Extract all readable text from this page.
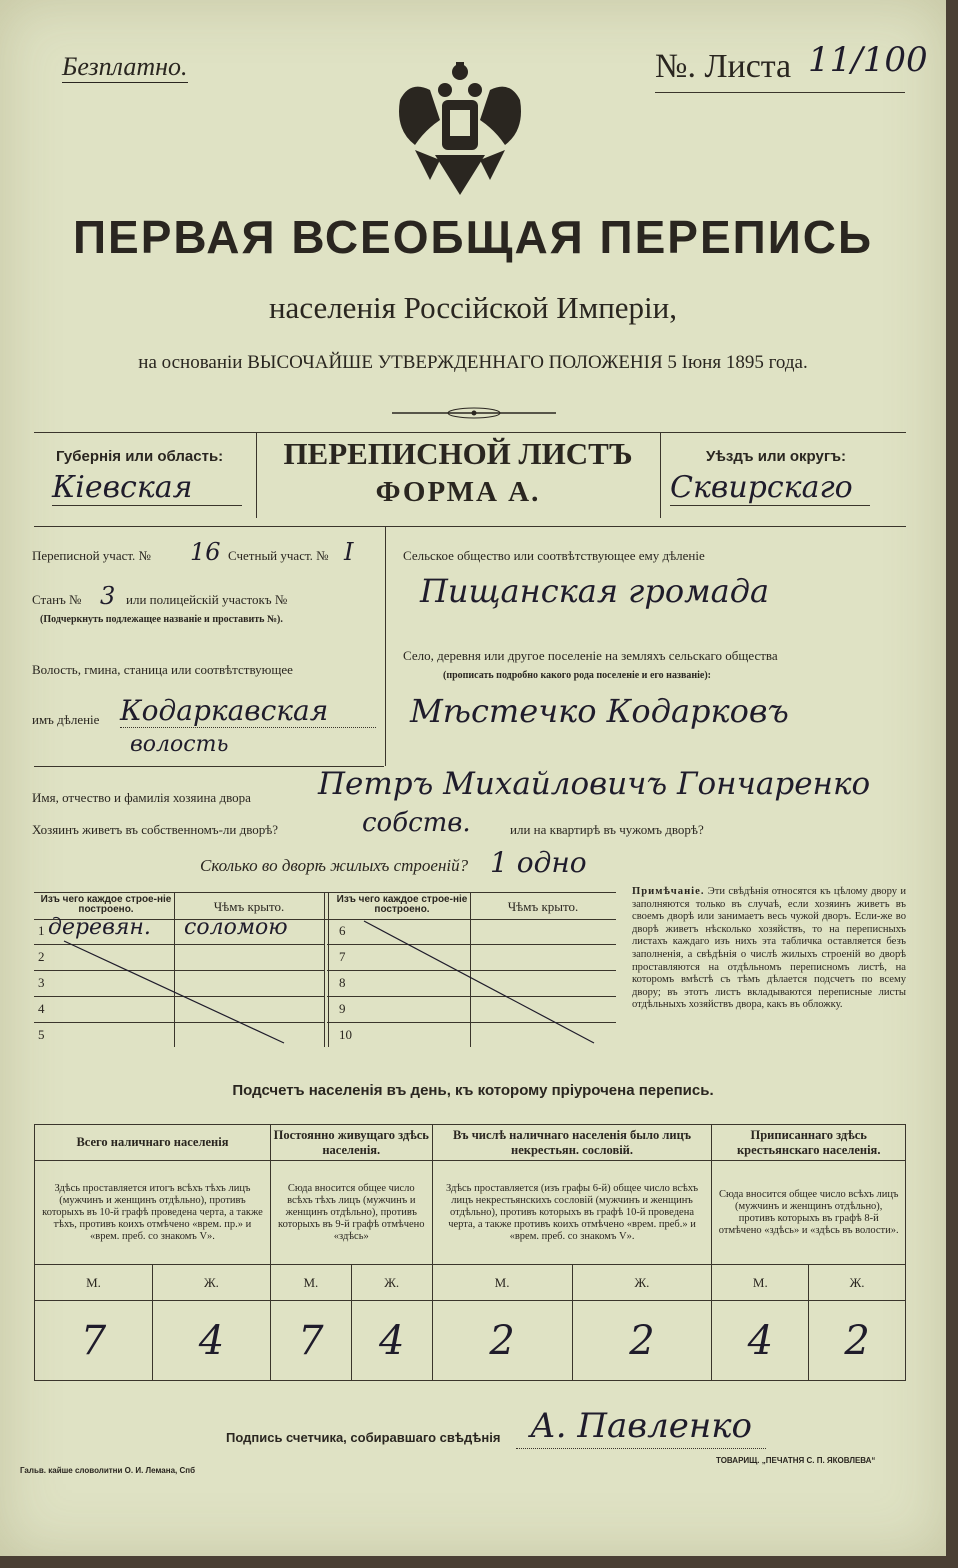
Безплатно.	№. Листа 11/100
ПЕРВАЯ ВСЕОБЩАЯ ПЕРЕПИСЬ
населенія Россійской Имперіи,
на основаніи ВЫСОЧАЙШЕ УТВЕРЖДЕННАГО ПОЛОЖЕНІЯ 5 Іюня 1895 года.
Губернія или область:
Кіевская
ПЕРЕПИСНОЙ ЛИСТЪ
ФОРМА А.
Уѣздъ или округъ:
Сквирскаго
Переписной участ. № 16 Счетный участ. № I
Станъ № 3 или полицейскій участокъ №
(Подчеркнуть подлежащее названіе и проставить №).
Волость, гмина, станица или соотвѣтствующее
имъ дѣленіе Кодаркавская
волость
Сельское общество или соотвѣтствующее ему дѣленіе
Пищанская громада
Село, деревня или другое поселеніе на земляхъ сельскаго общества
(прописать подробно какого рода поселеніе и его названіе):
Мѣстечко Кодарковъ
Имя, отчество и фамилія хозяина двора Петръ Михайловичъ Гончаренко
Хозяинъ живетъ въ собственномъ-ли дворѣ?	собств.	или на квартирѣ въ чужомъ дворѣ?
Сколько во дворѣ жилыхъ строеній? 1 одно
Изъ чего каждое строе-ніе построено.	Чѣмъ крыто.	Изъ чего каждое строе-ніе построено.	Чѣмъ крыто.
1 деревян. соломою
2
3
4
5
6
7
8
9
10
Примѣчаніе. Эти свѣдѣнія относятся къ цѣлому двору и заполняются только въ случаѣ, если хозяинъ живетъ въ своемъ дворѣ или занимаетъ весь чужой дворъ. Если-же во дворѣ живетъ нѣсколько хозяйствъ, то на переписныхъ листахъ каждаго изъ нихъ эта табличка оставляется безъ заполненія, а свѣдѣнія о числѣ жилыхъ строеній во дворѣ проставляются на отдѣльномъ переписномъ листѣ, на которомъ вмѣстѣ съ тѣмъ дѣлается подсчетъ по всему двору; въ этотъ листъ вкладываются переписные листы отдѣльныхъ хозяйствъ двора, какъ въ обложку.
Подсчетъ населенія въ день, къ которому пріурочена перепись.
Всего наличнаго населенія		Постоянно живущаго здѣсь населенія.		Въ числѣ наличнаго населенія было лицъ некрестьян. сословій.		Приписаннаго здѣсь крестьянскаго населенія.	
Здѣсь проставляется итогъ всѣхъ тѣхъ лицъ (мужчинъ и женщинъ отдѣльно), противъ которыхъ въ 10-й графѣ проведена черта, а также тѣхъ, противъ коихъ отмѣчено «врем. пр.» и «врем. преб. со знакомъ V».		Сюда вносится общее число всѣхъ тѣхъ лицъ (мужчинъ и женщинъ отдѣльно), противъ которыхъ въ 9-й графѣ отмѣчено «здѣсь»		Здѣсь проставляется (изъ графы 6-й) общее число всѣхъ лицъ некрестьянскихъ сословій (мужчинъ и женщинъ отдѣльно), противъ которыхъ въ графѣ 10-й проведена черта, а также противъ коихъ отмѣчено «врем. преб.» и «врем. преб. со знакомъ V».		Сюда вносится общее число всѣхъ лицъ (мужчинъ и женщинъ отдѣльно), противъ которыхъ въ графѣ 8-й отмѣчено «здѣсь» и «здѣсь въ волости».	
М.	Ж.	М.	Ж.	М.	Ж.	М.	Ж.
7	4	7	4	2	2	4	2
Подпись счетчика, собиравшаго свѣдѣнія А. Павленко
Гальв. кайше словолитни О. И. Лемана, Спб
ТОВАРИЩ. „ПЕЧАТНЯ С. П. ЯКОВЛЕВА“
